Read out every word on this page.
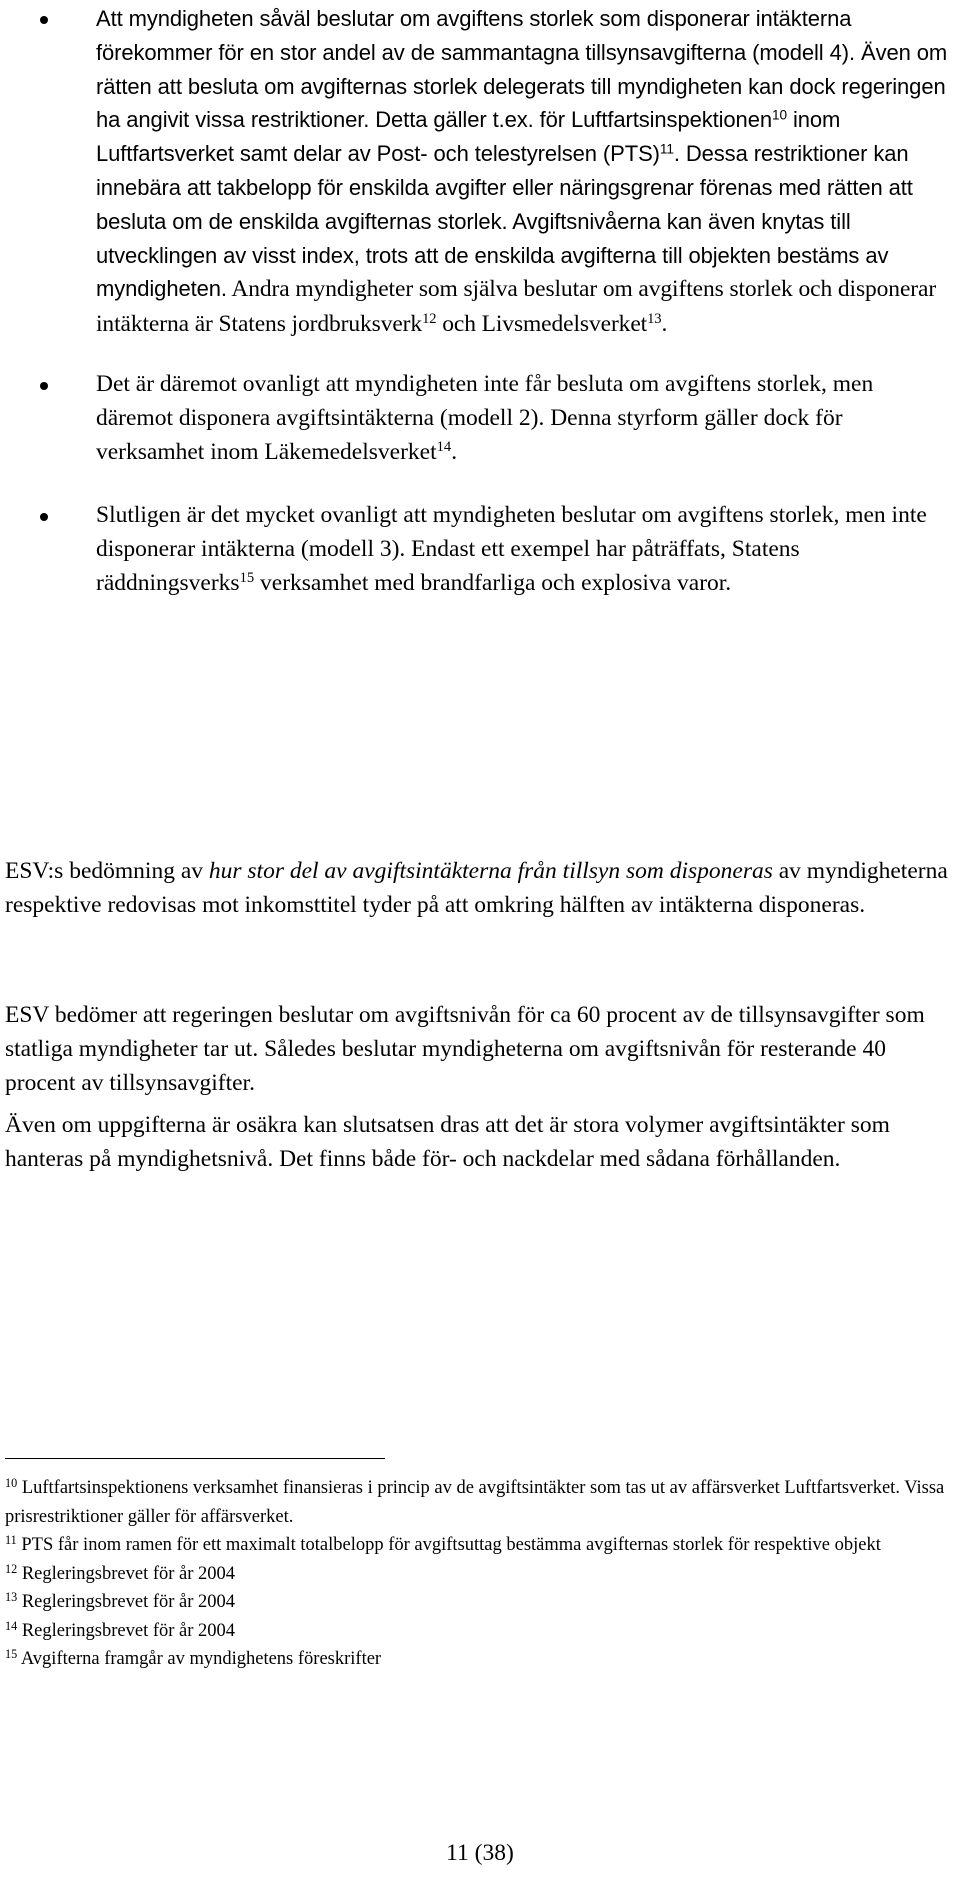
Att myndigheten såväl beslutar om avgiftens storlek som disponerar intäkterna förekommer för en stor andel av de sammantagna tillsynsavgifterna (modell 4). Även om rätten att besluta om avgifternas storlek delegerats till myndigheten kan dock regeringen ha angivit vissa restriktioner. Detta gäller t.ex. för Luftfartsinspektionen$^{10}$ inom Luftfartsverket samt delar av Post- och telestyrelsen (PTS)$^{11}$. Dessa restriktioner kan innebära att takbelopp för enskilda avgifter eller näringsgrenar förenas med rätten att besluta om de enskilda avgifternas storlek. Avgiftsnivåerna kan även knytas till utvecklingen av visst index, trots att de enskilda avgifterna till objekten bestäms av myndigheten. Andra myndigheter som själva beslutar om avgiftens storlek och disponerar intäkterna är Statens jordbruksverk$^{12}$ och Livsmedelsverket$^{13}$.
Det är däremot ovanligt att myndigheten inte får besluta om avgiftens storlek, men däremot disponera avgiftsintäkterna (modell 2). Denna styrform gäller dock för verksamhet inom Läkemedelsverket$^{14}$.
Slutligen är det mycket ovanligt att myndigheten beslutar om avgiftens storlek, men inte disponerar intäkterna (modell 3). Endast ett exempel har påträffats, Statens räddningsverks$^{15}$ verksamhet med brandfarliga och explosiva varor.

ESV:s bedömning av hur stor del av avgiftsintäkterna från tillsyn som disponeras av myndigheterna respektive redovisas mot inkomsttitel tyder på att omkring hälften av intäkterna disponeras.

ESV bedömer att regeringen beslutar om avgiftsnivån för ca 60 procent av de tillsynsavgifter som statliga myndigheter tar ut. Således beslutar myndigheterna om avgiftsnivån för resterande 40 procent av tillsynsavgifter.

Även om uppgifterna är osäkra kan slutsatsen dras att det är stora volymer avgiftsintäkter som hanteras på myndighetsnivå. Det finns både för- och nackdelar med sådana förhållanden.

$^{10}$ Luftfartsinspektionens verksamhet finansieras i princip av de avgiftsintäkter som tas ut av affärsverket Luftfartsverket. Vissa prisrestriktioner gäller för affärsverket.

$^{11}$ PTS får inom ramen för ett maximalt totalbelopp för avgiftsuttag bestämma avgifternas storlek för respektive objekt

$^{12}$ Regleringsbrevet för år 2004

$^{13}$ Regleringsbrevet för år 2004

$^{14}$ Regleringsbrevet för år 2004

$^{15}$ Avgifterna framgår av myndighetens föreskrifter

11 (38)
